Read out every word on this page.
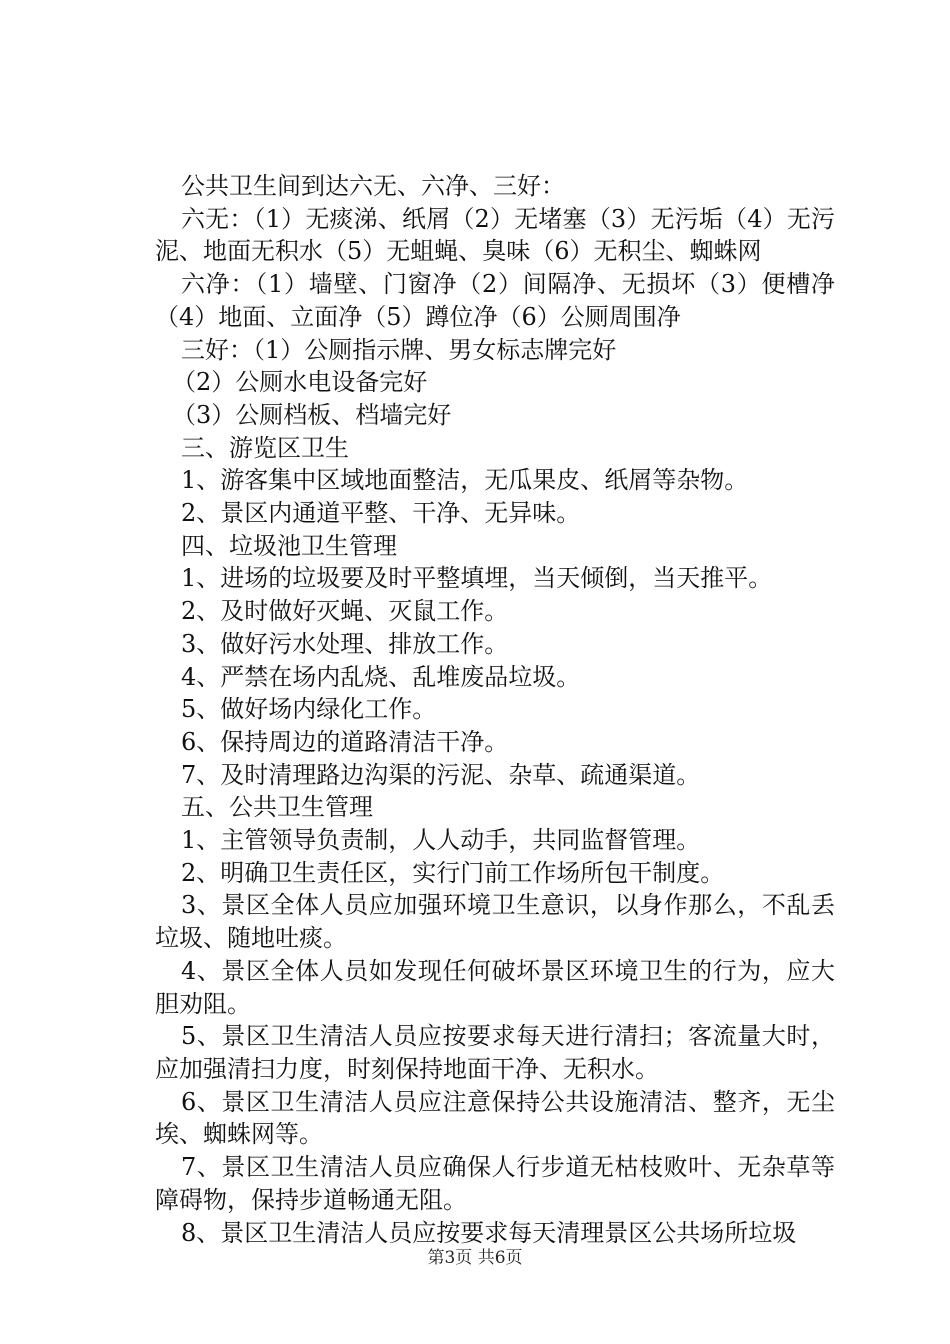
公共卫生间到达六无、六净、三好：

六无：（1）无痰涕、纸屑（2）无堵塞（3）无污垢（4）无污泥、地面无积水（5）无蛆蝇、臭味（6）无积尘、蜘蛛网

六净：（1）墙壁、门窗净（2）间隔净、无损坏（3）便槽净（4）地面、立面净（5）蹲位净（6）公厕周围净

三好：（1）公厕指示牌、男女标志牌完好

（2）公厕水电设备完好

（3）公厕档板、档墙完好

三、游览区卫生

1、游客集中区域地面整洁，无瓜果皮、纸屑等杂物。

2、景区内通道平整、干净、无异味。

四、垃圾池卫生管理

1、进场的垃圾要及时平整填埋，当天倾倒，当天推平。

2、及时做好灭蝇、灭鼠工作。

3、做好污水处理、排放工作。

4、严禁在场内乱烧、乱堆废品垃圾。

5、做好场内绿化工作。

6、保持周边的道路清洁干净。

7、及时清理路边沟渠的污泥、杂草、疏通渠道。

五、公共卫生管理

1、主管领导负责制，人人动手，共同监督管理。

2、明确卫生责任区，实行门前工作场所包干制度。

3、景区全体人员应加强环境卫生意识，以身作那么，不乱丢垃圾、随地吐痰。

4、景区全体人员如发现任何破坏景区环境卫生的行为，应大胆劝阻。

5、景区卫生清洁人员应按要求每天进行清扫；客流量大时，应加强清扫力度，时刻保持地面干净、无积水。

6、景区卫生清洁人员应注意保持公共设施清洁、整齐，无尘埃、蜘蛛网等。

7、景区卫生清洁人员应确保人行步道无枯枝败叶、无杂草等障碍物，保持步道畅通无阻。

8、景区卫生清洁人员应按要求每天清理景区公共场所垃圾

第3页 共6页
